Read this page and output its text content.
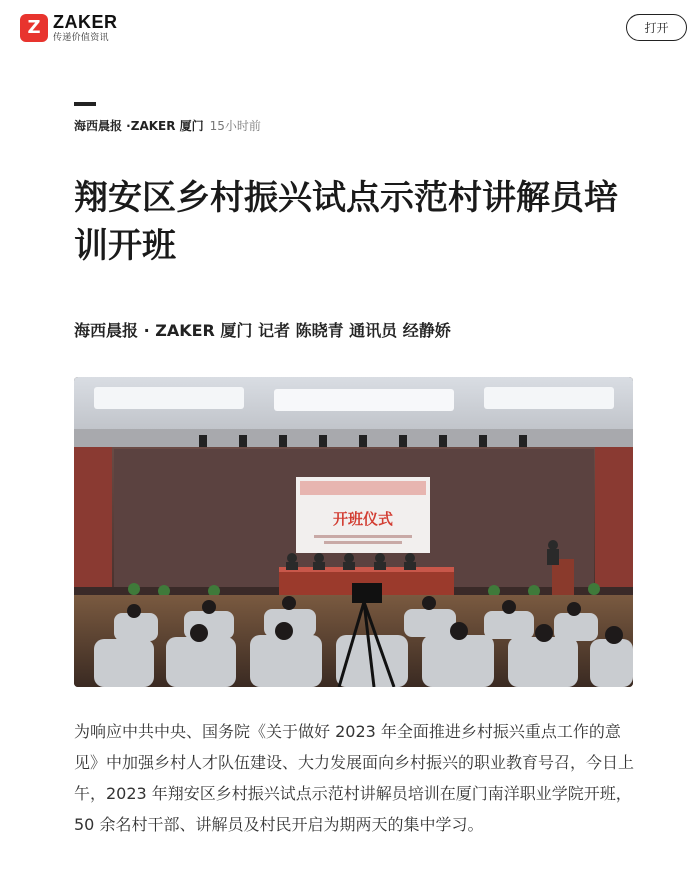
Z ZAKER
传递价值资讯
打开
海西晨报 ·ZAKER 厦门 15小时前
翔安区乡村振兴试点示范村讲解员培训开班
海西晨报 · ZAKER 厦门 记者 陈晓青 通讯员 经静娇
开班仪式

为响应中共中央、国务院《关于做好 2023 年全面推进乡村振兴重点工作的意见》中加强乡村人才队伍建设、大力发展面向乡村振兴的职业教育号召，今日上午，2023 年翔安区乡村振兴试点示范村讲解员培训在厦门南洋职业学院开班，50 余名村干部、讲解员及村民开启为期两天的集中学习。
